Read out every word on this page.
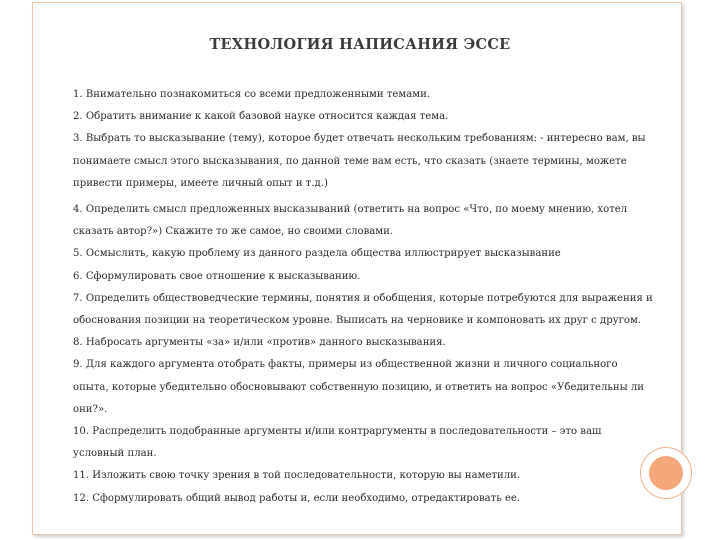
ТЕХНОЛОГИЯ НАПИСАНИЯ ЭССЕ

1. Внимательно познакомиться со всеми предложенными темами.

2. Обратить внимание к какой базовой науке относится каждая тема.

3. Выбрать то высказывание (тему), которое будет отвечать нескольким требованиям: - интересно вам, вы понимаете смысл этого высказывания, по данной теме вам есть, что сказать (знаете термины, можете привести примеры, имеете личный опыт и т.д.)

4. Определить смысл предложенных высказываний (ответить на вопрос «Что, по моему мнению, хотел сказать автор?») Скажите то же самое, но своими словами.

5. Осмыслить, какую проблему из данного раздела общества иллюстрирует высказывание

6. Сформулировать свое отношение к высказыванию.

7. Определить обществоведческие термины, понятия и обобщения, которые потребуются для выражения и обоснования позиции на теоретическом уровне. Выписать на черновике и компоновать их друг с другом.

8. Набросать аргументы «за» и/или «против» данного высказывания.

9. Для каждого аргумента отобрать факты, примеры из общественной жизни и личного социального опыта, которые убедительно обосновывают собственную позицию, и ответить на вопрос «Убедительны ли они?».

10. Распределить подобранные аргументы и/или контраргументы в последовательности – это ваш условный план.

11. Изложить свою точку зрения в той последовательности, которую вы наметили.

12. Сформулировать общий вывод работы и, если необходимо, отредактировать ее.
